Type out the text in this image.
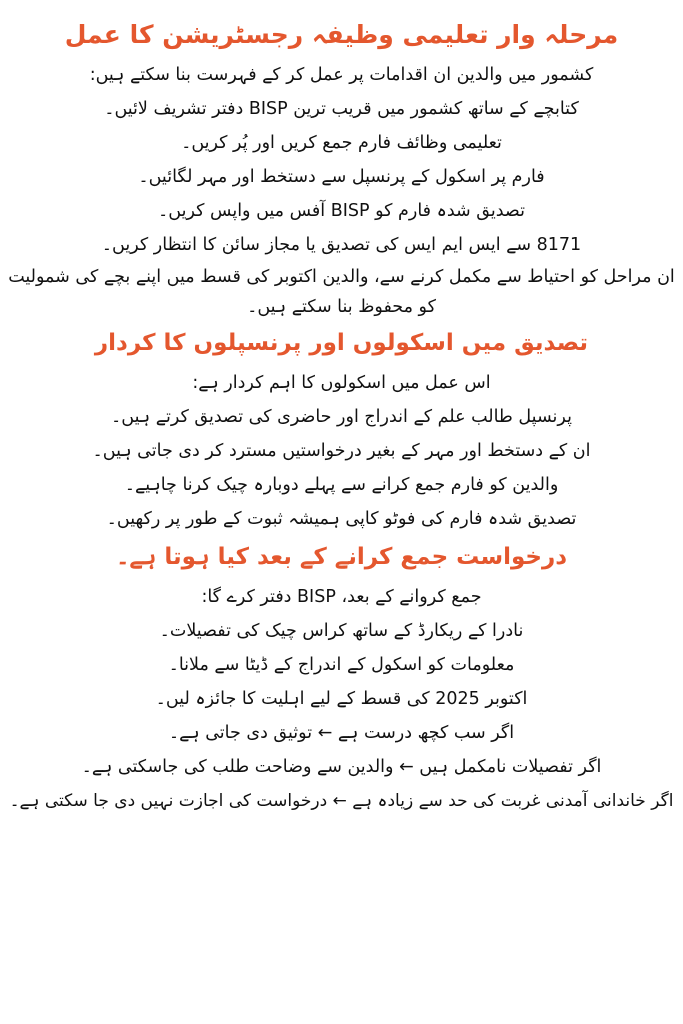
مرحلہ وار تعلیمی وظیفہ رجسٹریشن کا عمل

کشمور میں والدین ان اقدامات پر عمل کر کے فہرست بنا سکتے ہیں:

کتابچے کے ساتھ کشمور میں قریب ترین BISP دفتر تشریف لائیں۔

تعلیمی وظائف فارم جمع کریں اور پُر کریں۔

فارم پر اسکول کے پرنسپل سے دستخط اور مہر لگائیں۔

تصدیق شدہ فارم کو BISP آفس میں واپس کریں۔

8171 سے ایس ایم ایس کی تصدیق یا مجاز سائن کا انتظار کریں۔

ان مراحل کو احتیاط سے مکمل کرنے سے، والدین اکتوبر کی قسط میں اپنے بچے کی شمولیت کو محفوظ بنا سکتے ہیں۔

تصدیق میں اسکولوں اور پرنسپلوں کا کردار

اس عمل میں اسکولوں کا اہم کردار ہے:

پرنسپل طالب علم کے اندراج اور حاضری کی تصدیق کرتے ہیں۔

ان کے دستخط اور مہر کے بغیر درخواستیں مسترد کر دی جاتی ہیں۔

والدین کو فارم جمع کرانے سے پہلے دوبارہ چیک کرنا چاہیے۔

تصدیق شدہ فارم کی فوٹو کاپی ہمیشہ ثبوت کے طور پر رکھیں۔

درخواست جمع کرانے کے بعد کیا ہوتا ہے۔

جمع کروانے کے بعد، BISP دفتر کرے گا:

نادرا کے ریکارڈ کے ساتھ کراس چیک کی تفصیلات۔

معلومات کو اسکول کے اندراج کے ڈیٹا سے ملانا۔

اکتوبر 2025 کی قسط کے لیے اہلیت کا جائزہ لیں۔

اگر سب کچھ درست ہے ← توثیق دی جاتی ہے۔

اگر تفصیلات نامکمل ہیں ← والدین سے وضاحت طلب کی جاسکتی ہے۔

اگر خاندانی آمدنی غربت کی حد سے زیادہ ہے ← درخواست کی اجازت نہیں دی جا سکتی ہے۔
